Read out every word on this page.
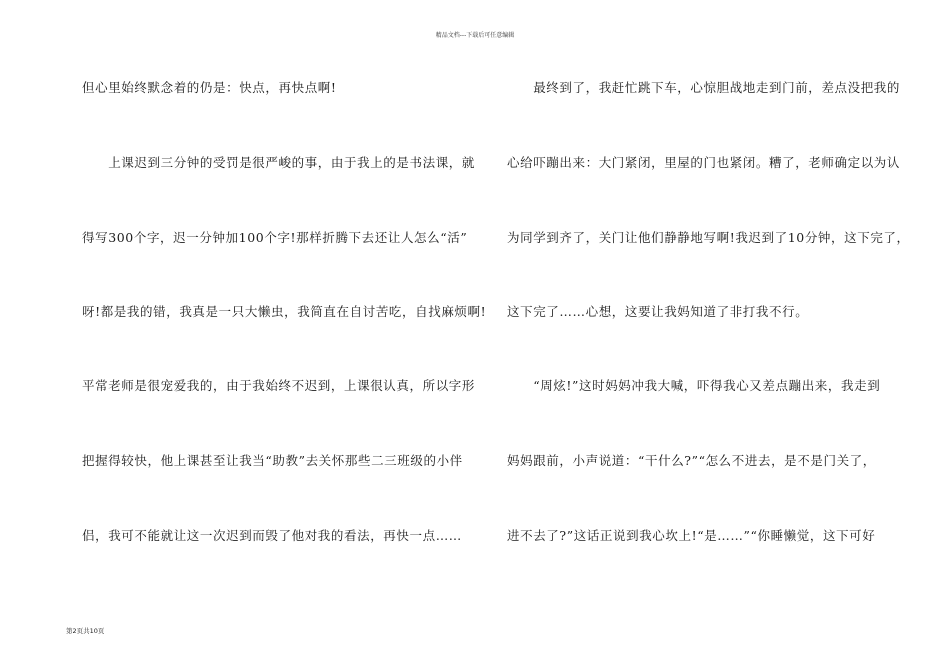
精品文档---下载后可任意编辑
但心里始终默念着的仍是：快点，再快点啊!
　　上课迟到三分钟的受罚是很严峻的事，由于我上的是书法课，就
得写300个字，迟一分钟加100个字!那样折腾下去还让人怎么“活”
呀!都是我的错，我真是一只大懒虫，我简直在自讨苦吃，自找麻烦啊!
平常老师是很宠爱我的，由于我始终不迟到，上课很认真，所以字形
把握得较快，他上课甚至让我当“助教”去关怀那些二三班级的小伴
侣，我可不能就让这一次迟到而毁了他对我的看法，再快一点……
　　最终到了，我赶忙跳下车，心惊胆战地走到门前，差点没把我的
心给吓蹦出来：大门紧闭，里屋的门也紧闭。糟了，老师确定以为认
为同学到齐了，关门让他们静静地写啊!我迟到了10分钟，这下完了，
这下完了……心想，这要让我妈知道了非打我不行。
　　“周炫!”这时妈妈冲我大喊，吓得我心又差点蹦出来，我走到
妈妈跟前，小声说道：“干什么?”“怎么不进去，是不是门关了，
进不去了?”这话正说到我心坎上!“是……”“你睡懒觉，这下可好
第2页共10页
